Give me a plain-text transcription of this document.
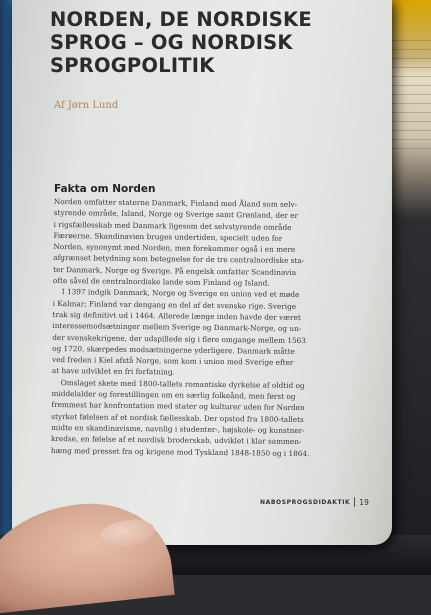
NORDEN, DE NORDISKE
SPROG – OG NORDISK
SPROGPOLITIK
Af Jørn Lund
Fakta om Norden
Norden omfatter staterne Danmark, Finland med Åland som selv-
styrende område, Island, Norge og Sverige samt Grønland, der er
i rigsfællesskab med Danmark ligesom det selvstyrende område
Færøerne. Skandinavien bruges undertiden, specielt uden for
Norden, synonymt med Norden, men forekommer også i en mere
afgrænset betydning som betegnelse for de tre centralnordiske sta-
ter Danmark, Norge og Sverige. På engelsk omfatter Scandinavia
ofte såvel de centralnordiske lande som Finland og Island.
I 1397 indgik Danmark, Norge og Sverige en union ved et møde
i Kalmar; Finland var dengang en del af det svenske rige. Sverige
trak sig definitivt ud i 1464. Allerede længe inden havde der været
interessemodsætninger mellem Sverige og Danmark-Norge, og un-
der svenskekrigene, der udspillede sig i flere omgange mellem 1563
og 1720, skærpedes modsætningerne yderligere. Danmark måtte
ved freden i Kiel afstå Norge, som kom i union med Sverige efter
at have udviklet en fri forfatning.
Omslaget skete med 1800-tallets romantiske dyrkelse af oldtid og
middelalder og forestillingen om en særlig folkeånd, men først og
fremmest har konfrontation med stater og kulturer uden for Norden
styrket følelsen af et nordisk fællesskab. Der opstod fra 1800-tallets
midte en skandinavisme, navnlig i studenter-, højskole- og kunstner-
kredse, en følelse af et nordisk broderskab, udviklet i klar sammen-
hæng med presset fra og krigene mod Tyskland 1848-1850 og i 1864.
NABOSPROGSDIDAKTIK 19
